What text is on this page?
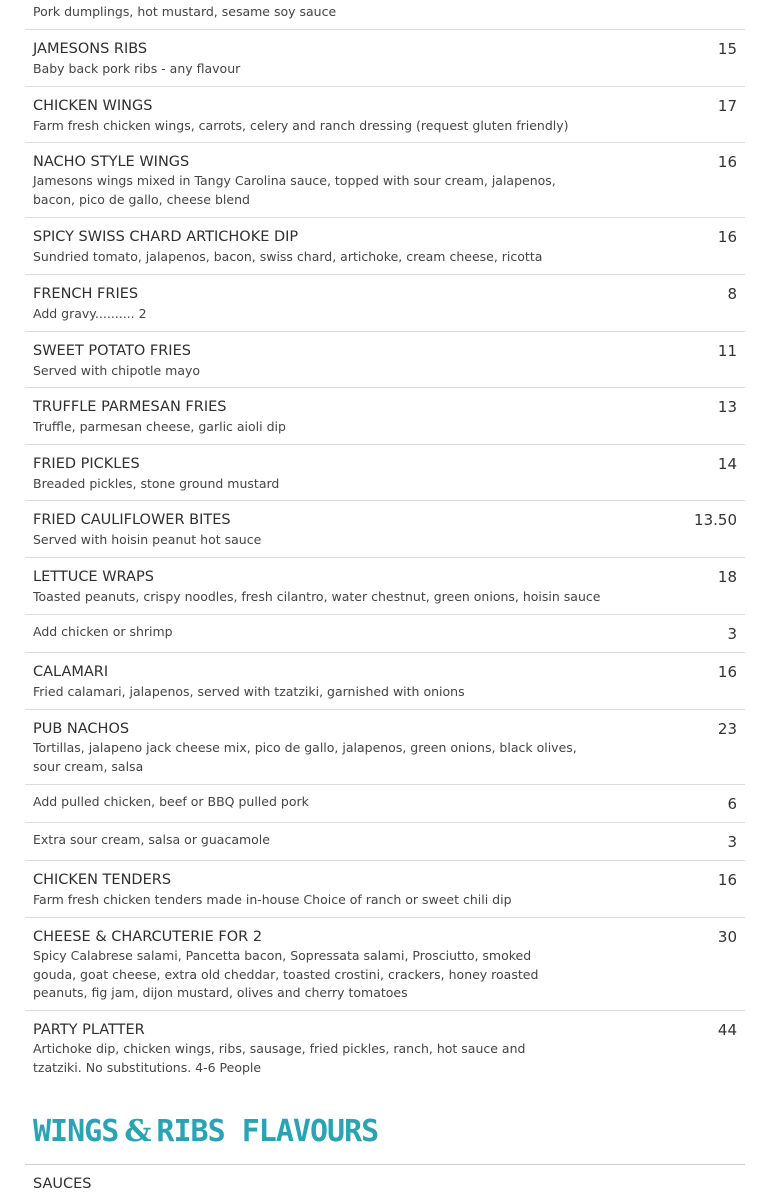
Pork dumplings, hot mustard, sesame soy sauce
JAMESONS RIBS	15
Baby back pork ribs - any flavour
CHICKEN WINGS	17
Farm fresh chicken wings, carrots, celery and ranch dressing (request gluten friendly)
NACHO STYLE WINGS	16
Jamesons wings mixed in Tangy Carolina sauce, topped with sour cream, jalapenos, bacon, pico de gallo, cheese blend
SPICY SWISS CHARD ARTICHOKE DIP	16
Sundried tomato, jalapenos, bacon, swiss chard, artichoke, cream cheese, ricotta
FRENCH FRIES	8
Add gravy.......... 2
SWEET POTATO FRIES	11
Served with chipotle mayo
TRUFFLE PARMESAN FRIES	13
Truffle, parmesan cheese, garlic aioli dip
FRIED PICKLES	14
Breaded pickles, stone ground mustard
FRIED CAULIFLOWER BITES	13.50
Served with hoisin peanut hot sauce
LETTUCE WRAPS	18
Toasted peanuts, crispy noodles, fresh cilantro, water chestnut, green onions, hoisin sauce
Add chicken or shrimp	3
CALAMARI	16
Fried calamari, jalapenos, served with tzatziki, garnished with onions
PUB NACHOS	23
Tortillas, jalapeno jack cheese mix, pico de gallo, jalapenos, green onions, black olives, sour cream, salsa
Add pulled chicken, beef or BBQ pulled pork	6
Extra sour cream, salsa or guacamole	3
CHICKEN TENDERS	16
Farm fresh chicken tenders made in-house Choice of ranch or sweet chili dip
CHEESE & CHARCUTERIE FOR 2	30
Spicy Calabrese salami, Pancetta bacon, Sopressata salami, Prosciutto, smoked gouda, goat cheese, extra old cheddar, toasted crostini, crackers, honey roasted peanuts, fig jam, dijon mustard, olives and cherry tomatoes
PARTY PLATTER	44
Artichoke dip, chicken wings, ribs, sausage, fried pickles, ranch, hot sauce and tzatziki. No substitutions. 4-6 People
WINGS & RIBS FLAVOURS
SAUCES
